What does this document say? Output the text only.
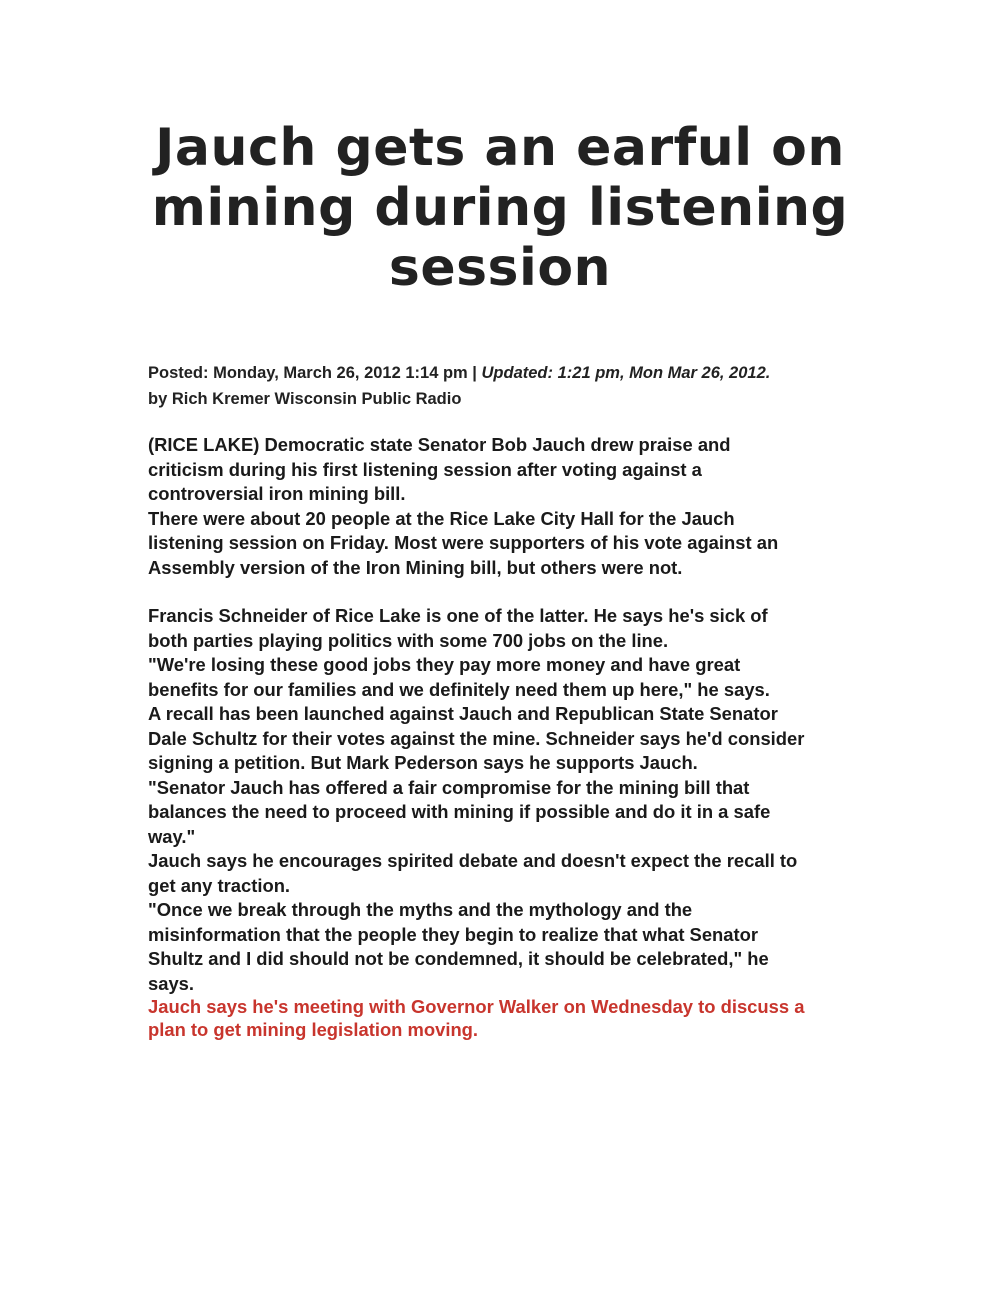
Jauch gets an earful on mining during listening session
Posted: Monday, March 26, 2012 1:14 pm | Updated: 1:21 pm, Mon Mar 26, 2012.
by Rich Kremer Wisconsin Public Radio

(RICE LAKE) Democratic state Senator Bob Jauch drew praise and
criticism during his first listening session after voting against a
controversial iron mining bill.

There were about 20 people at the Rice Lake City Hall for the Jauch
listening session on Friday. Most were supporters of his vote against an
Assembly version of the Iron Mining bill, but others were not.

Francis Schneider of Rice Lake is one of the latter. He says he's sick of
both parties playing politics with some 700 jobs on the line.

"We're losing these good jobs they pay more money and have great
benefits for our families and we definitely need them up here," he says.

A recall has been launched against Jauch and Republican State Senator
Dale Schultz for their votes against the mine. Schneider says he'd consider
signing a petition. But Mark Pederson says he supports Jauch.

"Senator Jauch has offered a fair compromise for the mining bill that
balances the need to proceed with mining if possible and do it in a safe
way."

Jauch says he encourages spirited debate and doesn't expect the recall to
get any traction.

"Once we break through the myths and the mythology and the
misinformation that the people they begin to realize that what Senator
Shultz and I did should not be condemned, it should be celebrated," he
says.

Jauch says he's meeting with Governor Walker on Wednesday to discuss a
plan to get mining legislation moving.
